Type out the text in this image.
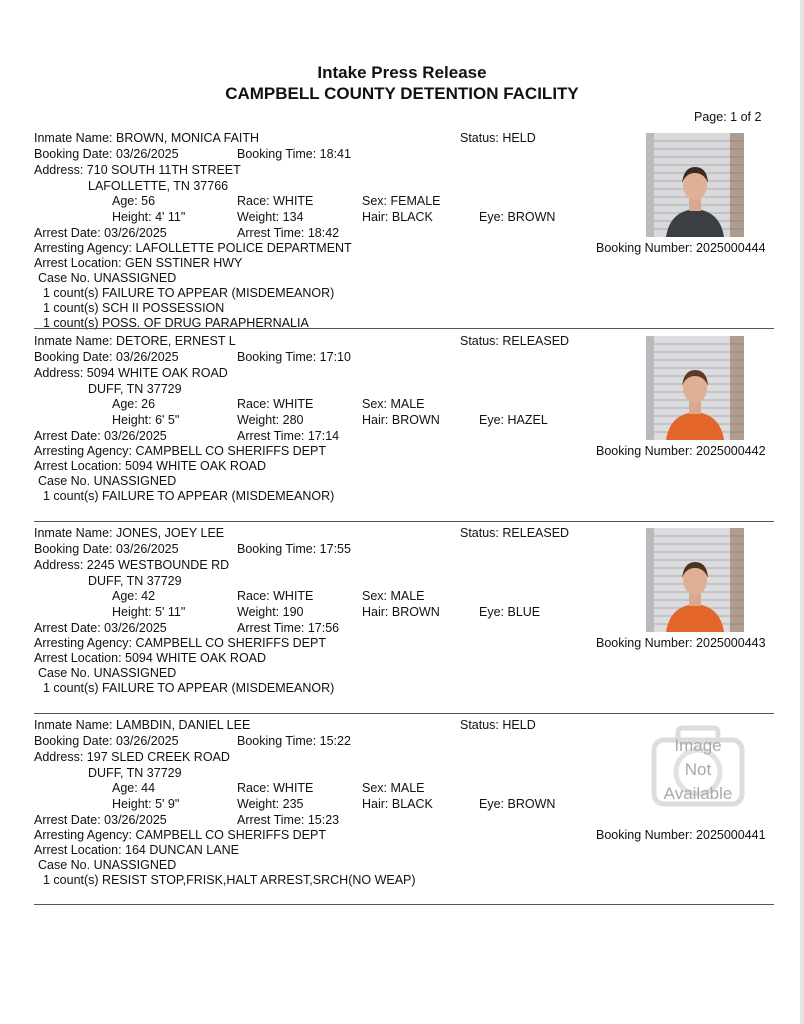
Intake Press Release
CAMPBELL COUNTY DETENTION FACILITY
Page: 1 of 2
Inmate Name: BROWN, MONICA FAITH	Status: HELD
Booking Date: 03/26/2025	Booking Time: 18:41
Address: 710 SOUTH 11TH STREET
LAFOLLETTE, TN 37766
Age: 56	Race: WHITE	Sex: FEMALE
Height: 4' 11"	Weight: 134	Hair: BLACK	Eye: BROWN
Arrest Date: 03/26/2025	Arrest Time: 18:42
Arresting Agency: LAFOLLETTE POLICE DEPARTMENT	Booking Number: 2025000444
Arrest Location: GEN SSTINER HWY
Case No. UNASSIGNED
1 count(s) FAILURE TO APPEAR (MISDEMEANOR)
1 count(s) SCH II POSSESSION
1 count(s) POSS. OF DRUG PARAPHERNALIA
Inmate Name: DETORE, ERNEST L	Status: RELEASED
Booking Date: 03/26/2025	Booking Time: 17:10
Address: 5094 WHITE OAK ROAD
DUFF, TN 37729
Age: 26	Race: WHITE	Sex: MALE
Height: 6' 5"	Weight: 280	Hair: BROWN	Eye: HAZEL
Arrest Date: 03/26/2025	Arrest Time: 17:14
Arresting Agency: CAMPBELL CO SHERIFFS DEPT	Booking Number: 2025000442
Arrest Location: 5094 WHITE OAK ROAD
Case No. UNASSIGNED
1 count(s) FAILURE TO APPEAR (MISDEMEANOR)
Inmate Name: JONES, JOEY LEE	Status: RELEASED
Booking Date: 03/26/2025	Booking Time: 17:55
Address: 2245 WESTBOUNDE RD
DUFF, TN 37729
Age: 42	Race: WHITE	Sex: MALE
Height: 5' 11"	Weight: 190	Hair: BROWN	Eye: BLUE
Arrest Date: 03/26/2025	Arrest Time: 17:56
Arresting Agency: CAMPBELL CO SHERIFFS DEPT	Booking Number: 2025000443
Arrest Location: 5094 WHITE OAK ROAD
Case No. UNASSIGNED
1 count(s) FAILURE TO APPEAR (MISDEMEANOR)
Inmate Name: LAMBDIN, DANIEL LEE	Status: HELD
Booking Date: 03/26/2025	Booking Time: 15:22
Address: 197 SLED CREEK ROAD
DUFF, TN 37729
Age: 44	Race: WHITE	Sex: MALE
Height: 5' 9"	Weight: 235	Hair: BLACK	Eye: BROWN
Arrest Date: 03/26/2025	Arrest Time: 15:23
Arresting Agency: CAMPBELL CO SHERIFFS DEPT	Booking Number: 2025000441
Arrest Location: 164 DUNCAN LANE
Case No. UNASSIGNED
1 count(s) RESIST STOP,FRISK,HALT ARREST,SRCH(NO WEAP)
Image
Not
Available
